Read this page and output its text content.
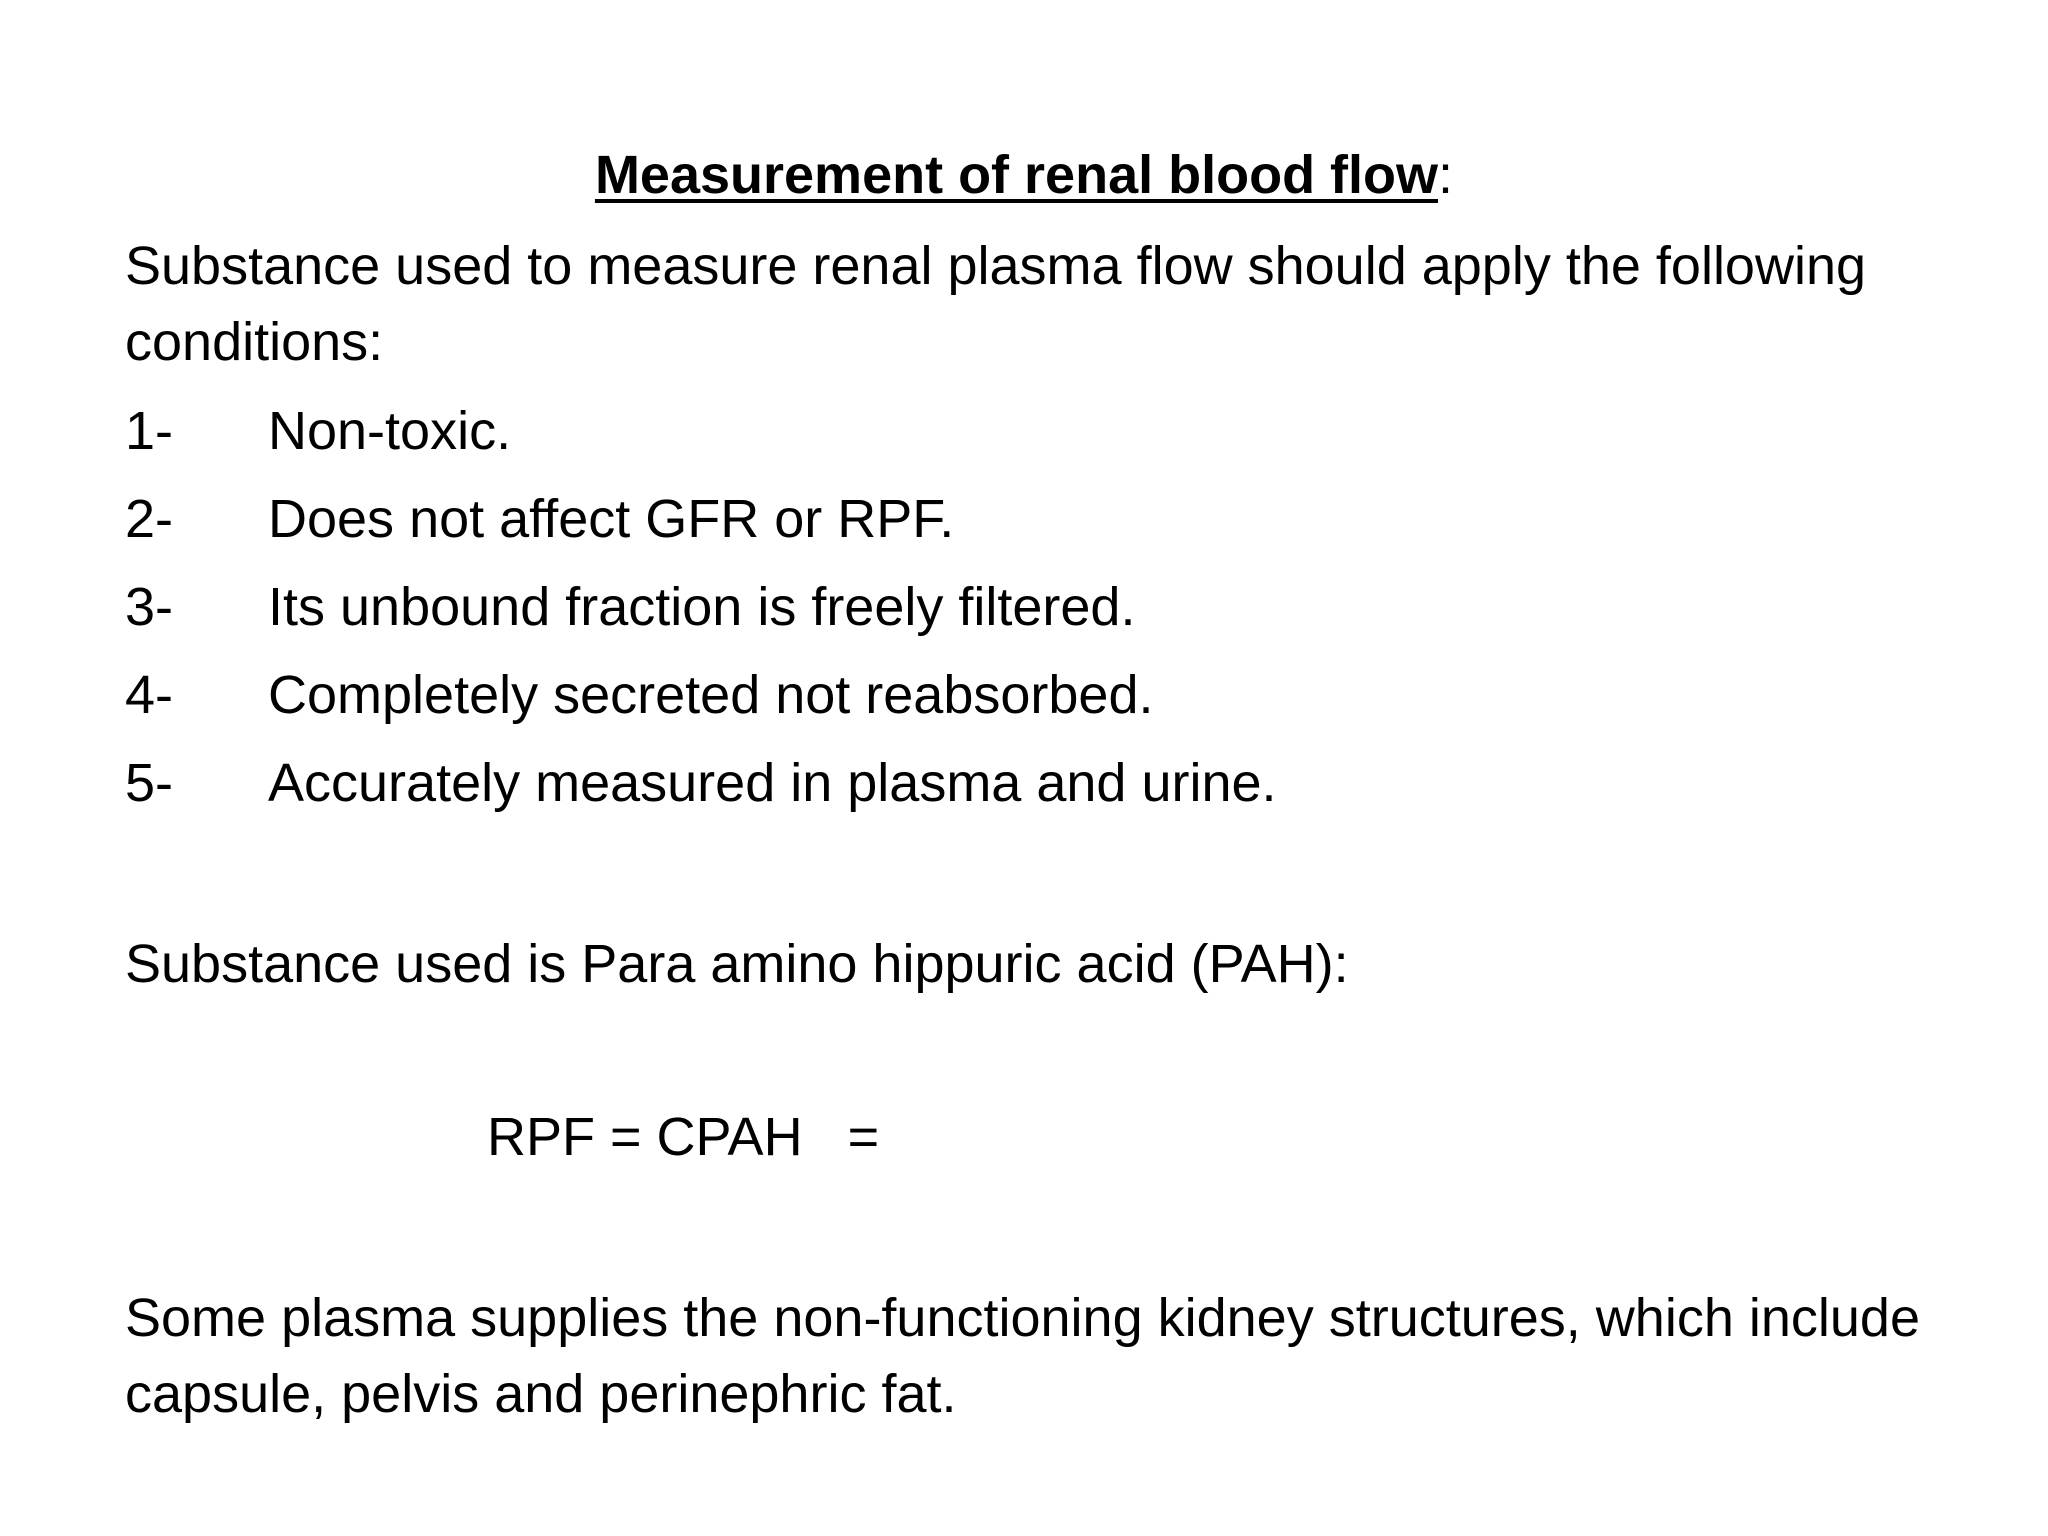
Measurement of renal blood flow:
Substance used to measure renal plasma flow should apply the following conditions:
1-	Non-toxic.
2-	Does not affect GFR or RPF.
3-	Its unbound fraction is freely filtered.
4-	Completely secreted not reabsorbed.
5-	Accurately measured in plasma and urine.
Substance used is Para amino hippuric acid (PAH):
RPF = CPAH   =
Some plasma supplies the non-functioning kidney structures, which include capsule, pelvis and perinephric fat.
